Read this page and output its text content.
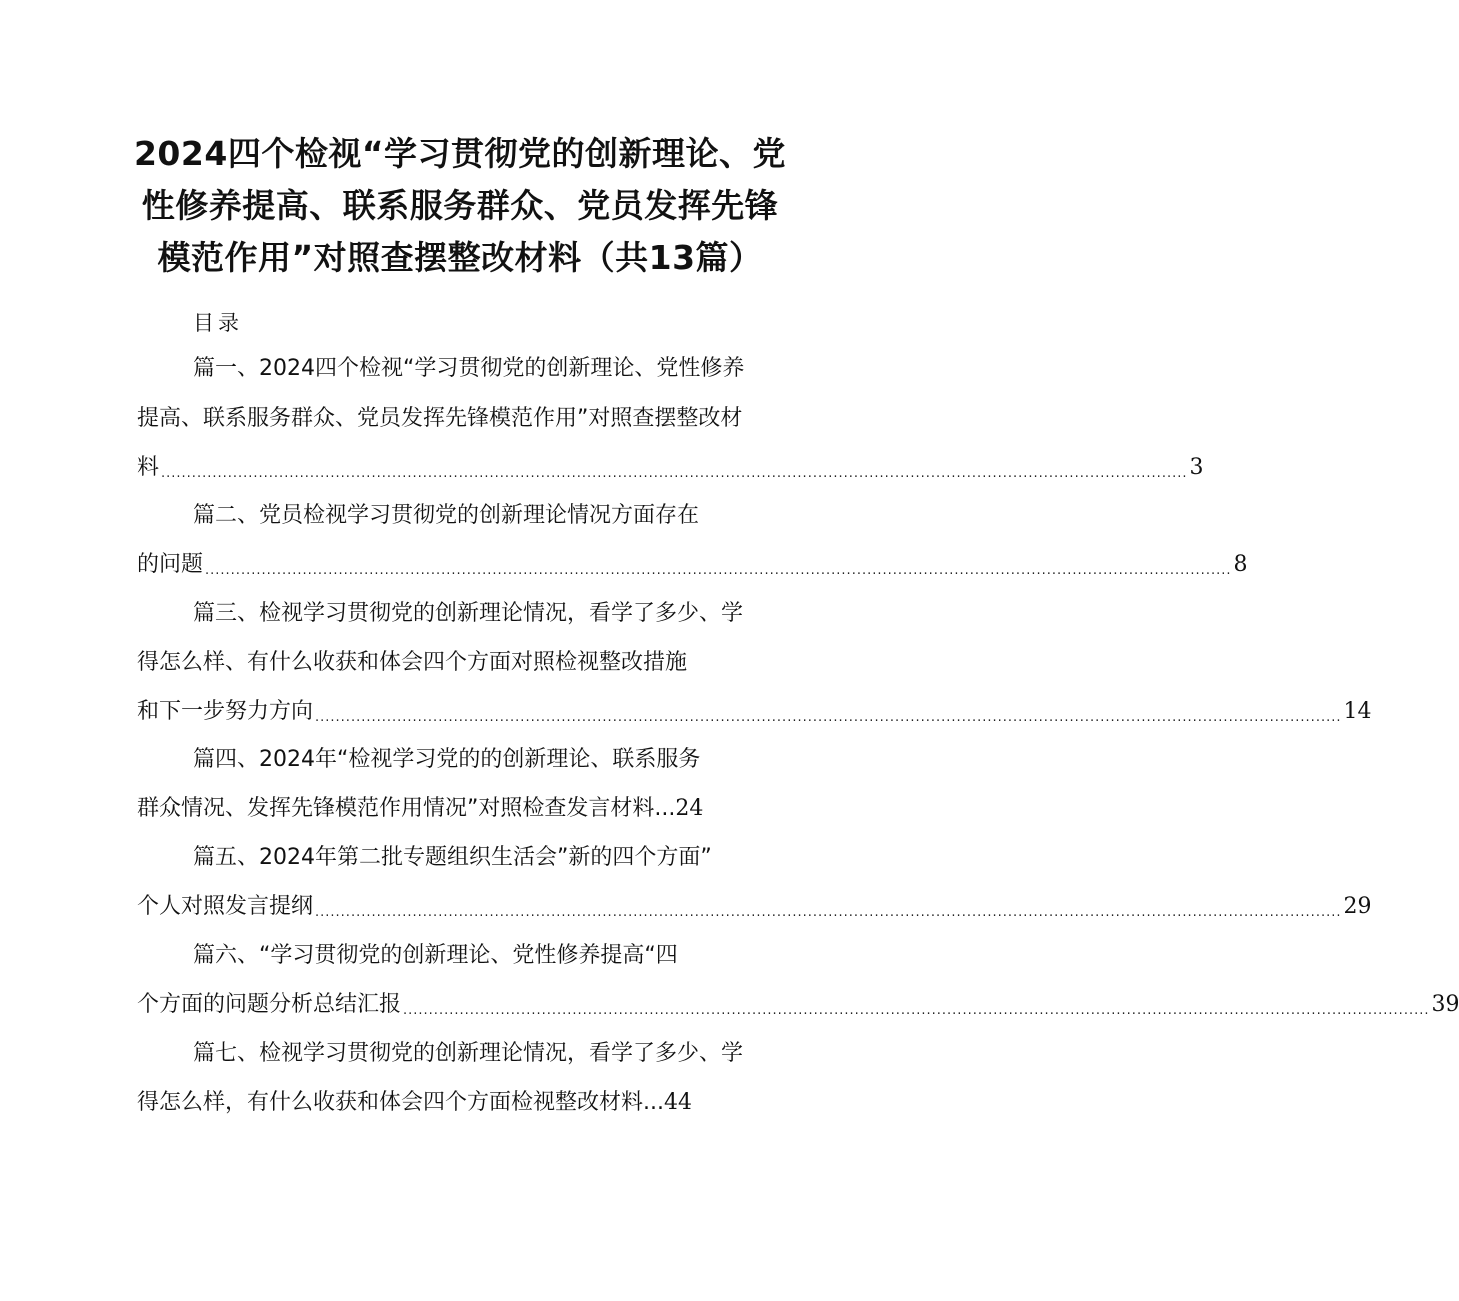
2024四个检视“学习贯彻党的创新理论、党
性修养提高、联系服务群众、党员发挥先锋
模范作用”对照查摆整改材料（共13篇）
目录
篇一、2024四个检视“学习贯彻党的创新理论、党性修养
提高、联系服务群众、党员发挥先锋模范作用”对照查摆整改材
料 ........................................................................................................................................................................................................ 3
篇二、党员检视学习贯彻党的创新理论情况方面存在
的问题 ........................................................................................................................................................................................................ 8
篇三、检视学习贯彻党的创新理论情况，看学了多少、学
得怎么样、有什么收获和体会四个方面对照检视整改措施
和下一步努力方向 ........................................................................................................................................................................................................ 14
篇四、2024年“检视学习党的的创新理论、联系服务
群众情况、发挥先锋模范作用情况”对照检查发言材料...24
篇五、2024年第二批专题组织生活会”新的四个方面”
个人对照发言提纲 ........................................................................................................................................................................................................ 29
篇六、“学习贯彻党的创新理论、党性修养提高“四
个方面的问题分析总结汇报 ........................................................................................................................................................................................................ 39
篇七、检视学习贯彻党的创新理论情况，看学了多少、学
得怎么样，有什么收获和体会四个方面检视整改材料...44
